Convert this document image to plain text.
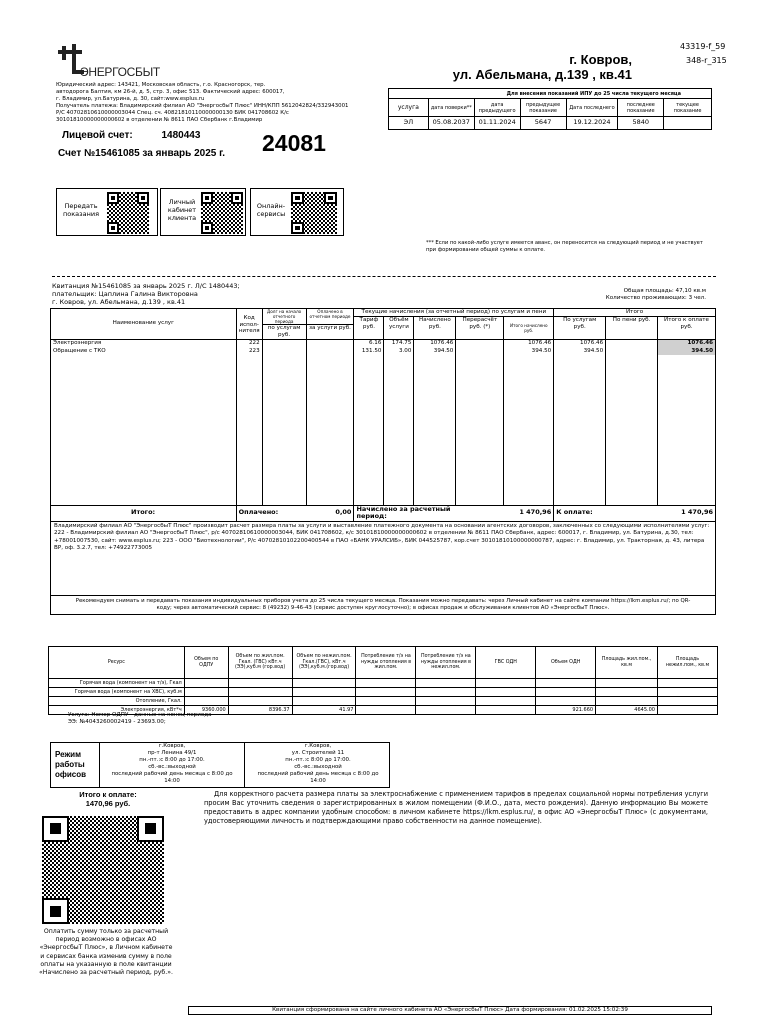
43319-f_59
348-r_315
ЭНЕРГОСБЫТ
г. Ковров,
ул. Абельмана, д.139 , кв.41
Юридический адрес: 143421, Московская область, г.о. Красногорск, тер.
автодорога Балтия, км 26-й, д. 5, стр. 3, офис 513. Фактический адрес: 600017,
г. Владимир, ул.Батурина, д. 30, сайт:www.esplus.ru
Получатель платежа: Владимирский филиал АО "ЭнергосбыТ Плюс" ИНН/КПП 5612042824/332943001
Р/С 40702810610000003044 Спец. сч. 40821810110000000130 БИК 041708602 К/с
30101810000000000602 в отделении № 8611 ПАО Сбербанк г.Владимир
Лицевой счет:	1480443
Счет №15461085 за январь 2025 г. 24081
Для внесения показаний ИПУ до 25 числа текущего месяца						
услуга	дата поверки**	дата предыдущего	предыдущее показание	Дата последнего	последнее показание	текущее показание
ЭЛ	05.08.2037	01.11.2024	5647	19.12.2024	5840	
Передать показания
Личный кабинет клиента
Онлайн-сервисы
*** Если по какой-либо услуге имеется аванс, он переносится на следующий период и не участвует при формировании общей суммы к оплате.
Квитанция №15461085 за январь 2025 г. Л/С 1480443;
плательщик: Цаплина Галина Викторовна
г. Ковров, ул. Абельмана, д.139 , кв.41
Общая площадь: 47,10 кв.м
Количество проживающих: 3 чел.
Наименование услуг	Код испол-нителя	Долг на начало отчетного периода	Оплачено в отчетном периоде	Текущие начисления (за отчетный период) по услугам и пени					Итого		
				Тариф руб.	Объём услуги	Начислено руб.	Перерасчёт руб. (*)	Итого начислено руб.	По услугам руб.	По пени руб.	Итого к оплате руб.
		по услугам руб.	за услуги руб.								
Электроэнергия	222			6.16	174.75	1076.46		1076.46	1076.46		1076.46
Обращение с ТКО	223			131.50	3.00	394.50		394.50	394.50		394.50

Итого:	Оплачено:		0,00	Начислено за расчетный период:			1 470,96		К оплате:	1 470,96	
Владимирский филиал АО "ЭнергосбыТ Плюс" производит расчет размера платы за услуги и выставление платежного документа на основании агентских договоров, заключенных со следующими исполнителями услуг: 222 - Владимирский филиал АО "ЭнергосбыТ Плюс", р/с 40702810610000003044, БИК 041708602, к/с 30101810000000000602 в отделении № 8611 ПАО Сбербанк, адрес: 600017, г. Владимир, ул. Батурина, д.30, тел: +78001007530, сайт: www.esplus.ru; 223 - ООО "Биотехнологии", Р/с 40702810102200400544 в ПАО «БАНК УРАЛСИБ», БИК 044525787, кор.счет 30101810100000000787, адрес: г. Владимир, ул. Тракторная, д. 43, литера ВР, оф. 3.2.7, тел: +74922773005											
Рекомендуем снимать и передавать показания индивидуальных приборов учета до 25 числа текущего месяца. Показания можно передавать: через Личный кабинет на сайте компании https://lkm.esplus.ru/; по QR-коду; через автоматический сервис: 8 (49232) 9-46-43 (сервис доступен круглосуточно); в офисах продаж и обслуживания клиентов АО «ЭнергосбыТ Плюс».											
Ресурс	Объем по ОДПУ	Объем по жил.пом. Гкал. (ГВС) кВт.ч (ЭЭ),куб.м (гор.вод)	Объем по нежил.пом. Гкал.(ГВС), кВт.ч (ЭЭ),куб.м.(гор.вод)	Потребление т/э на нужды отопления в жил.пом.	Потребление т/э на нужды отопления в нежил.пом.	ГВС ОДН	Объем ОДН	Площадь жил.пом., кв.м	Площадь нежил.пом., кв.м
Горячая вода (компонент на т/э), Гкал									
Горячая вода (компонент на ХВС), куб.м									
Отопление, Гкал.									
Электроэнергия, кВт*ч	9360.000	8396.37	41.97				921.660	4645.00	
Услуга: Номер ОДПУ - данные на конец периода
ЭЭ: №4043260002419 - 23693.00;
Режим работы офисов
г.Ковров,
пр-т Ленина 49/1
пн.-пт.:с 8:00 до 17:00.
сб.-вс.:выходной
последний рабочий день месяца с 8:00 до
14:00
г.Ковров,
ул. Строителей 11
пн.-пт.:с 8:00 до 17:00.
сб.-вс.:выходной
последний рабочий день месяца с 8:00 до
14:00
Итого к оплате:
1470,96 руб.
Оплатить сумму только за расчетный период возможно в офисах АО «ЭнергосбыТ Плюс», в Личном кабинете и сервисах банка изменив сумму в поле оплаты на указанную в поле квитанции «Начислено за расчетный период, руб.».
Для корректного расчета размера платы за электроснабжение с применением тарифов в пределах социальной нормы потребления услуги просим Вас уточнить сведения о зарегистрированных в жилом помещении (Ф.И.О., дата, место рождения). Данную информацию Вы можете предоставить в адрес компании удобным способом: в личном кабинете https://lkm.esplus.ru/, в офис АО «ЭнергосбыТ Плюс» (с документами, удостоверяющими личность и подтверждающими право собственности на данное помещение).
Квитанция сформирована на сайте личного кабинета АО «ЭнергосбыТ Плюс» Дата формирования: 01.02.2025 15:02:39
